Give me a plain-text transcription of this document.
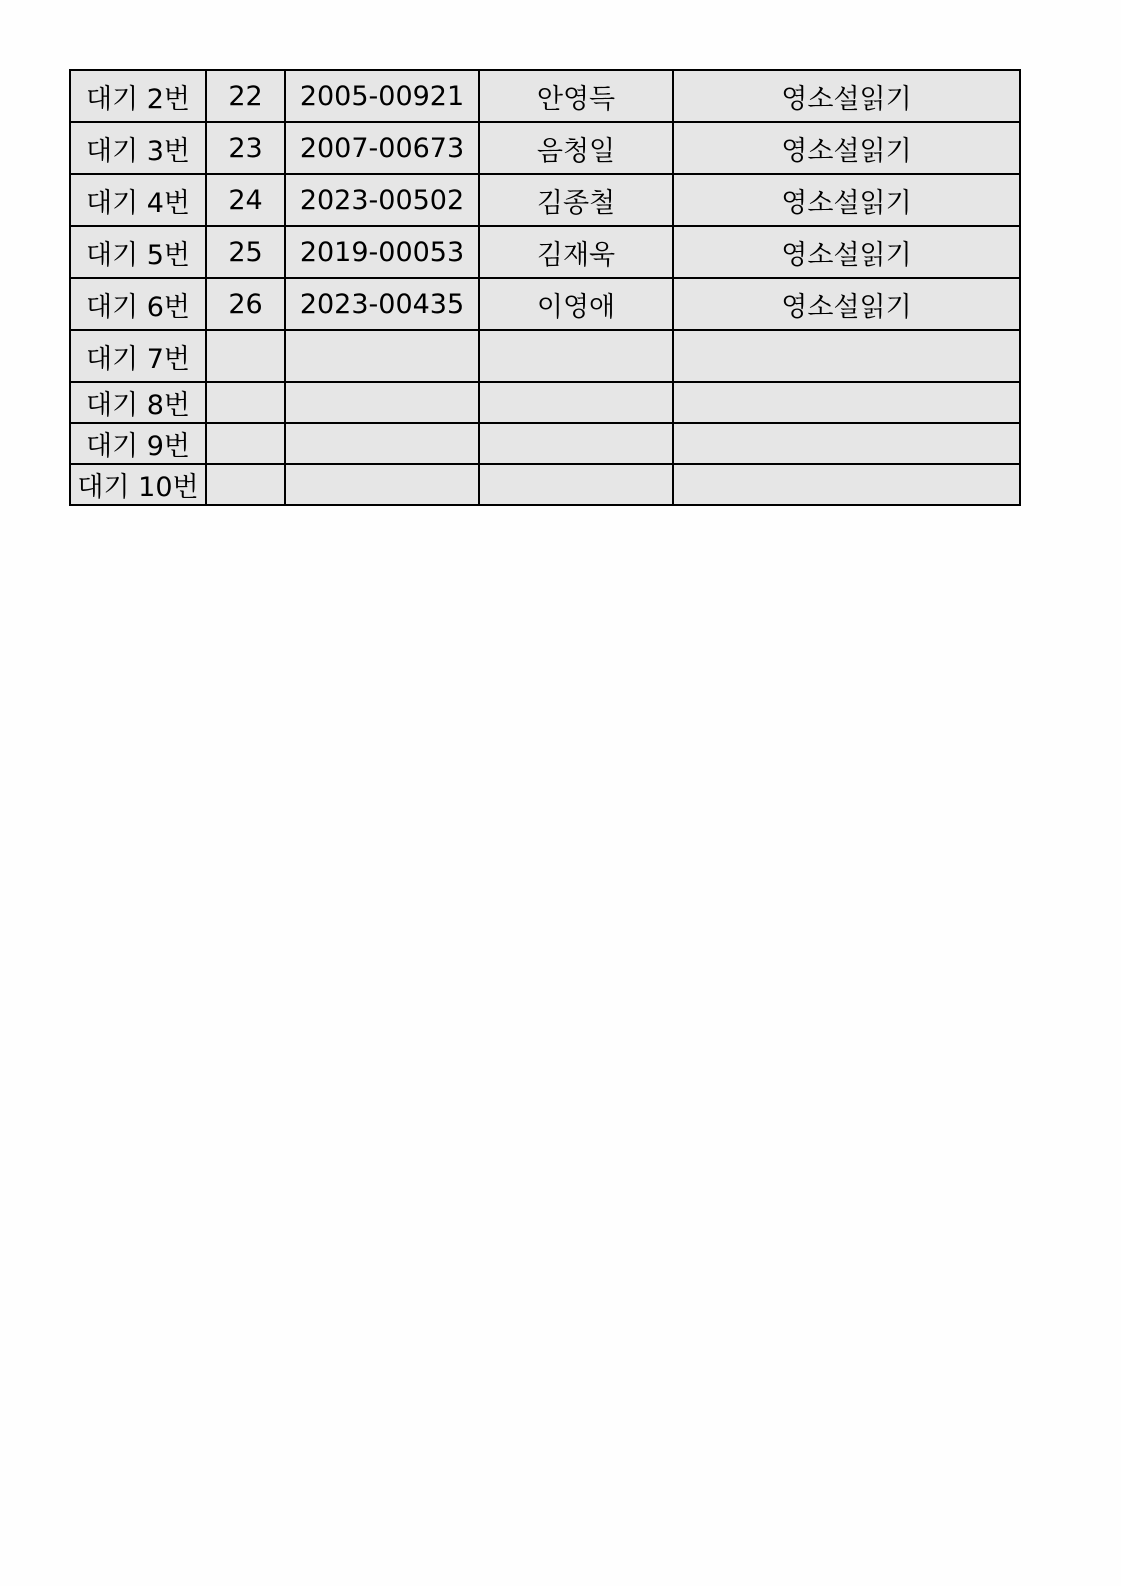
대기 2번	22	2005-00921	안영득	영소설읽기
대기 3번	23	2007-00673	음청일	영소설읽기
대기 4번	24	2023-00502	김종철	영소설읽기
대기 5번	25	2019-00053	김재욱	영소설읽기
대기 6번	26	2023-00435	이영애	영소설읽기
대기 7번				
대기 8번				
대기 9번				
대기 10번				
